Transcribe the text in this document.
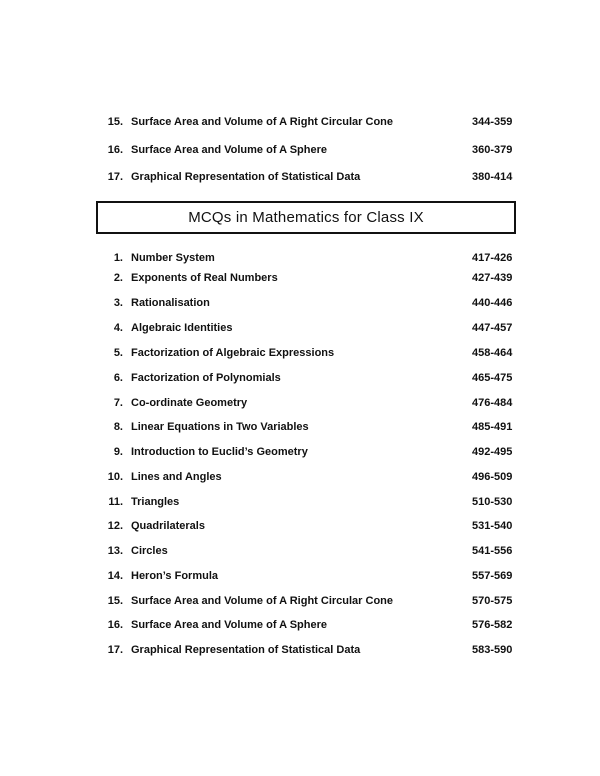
15. Surface Area and Volume of A Right Circular Cone	344-359
16. Surface Area and Volume of A Sphere	360-379
17. Graphical Representation of Statistical Data	380-414
MCQs in Mathematics for Class IX
1. Number System	417-426
2. Exponents of Real Numbers	427-439
3. Rationalisation	440-446
4. Algebraic Identities	447-457
5. Factorization of Algebraic Expressions	458-464
6. Factorization of Polynomials	465-475
7. Co-ordinate Geometry	476-484
8. Linear Equations in Two Variables	485-491
9. Introduction to Euclid’s Geometry	492-495
10. Lines and Angles	496-509
11. Triangles	510-530
12. Quadrilaterals	531-540
13. Circles	541-556
14. Heron’s Formula	557-569
15. Surface Area and Volume of A Right Circular Cone	570-575
16. Surface Area and Volume of A Sphere	576-582
17. Graphical Representation of Statistical Data	583-590
